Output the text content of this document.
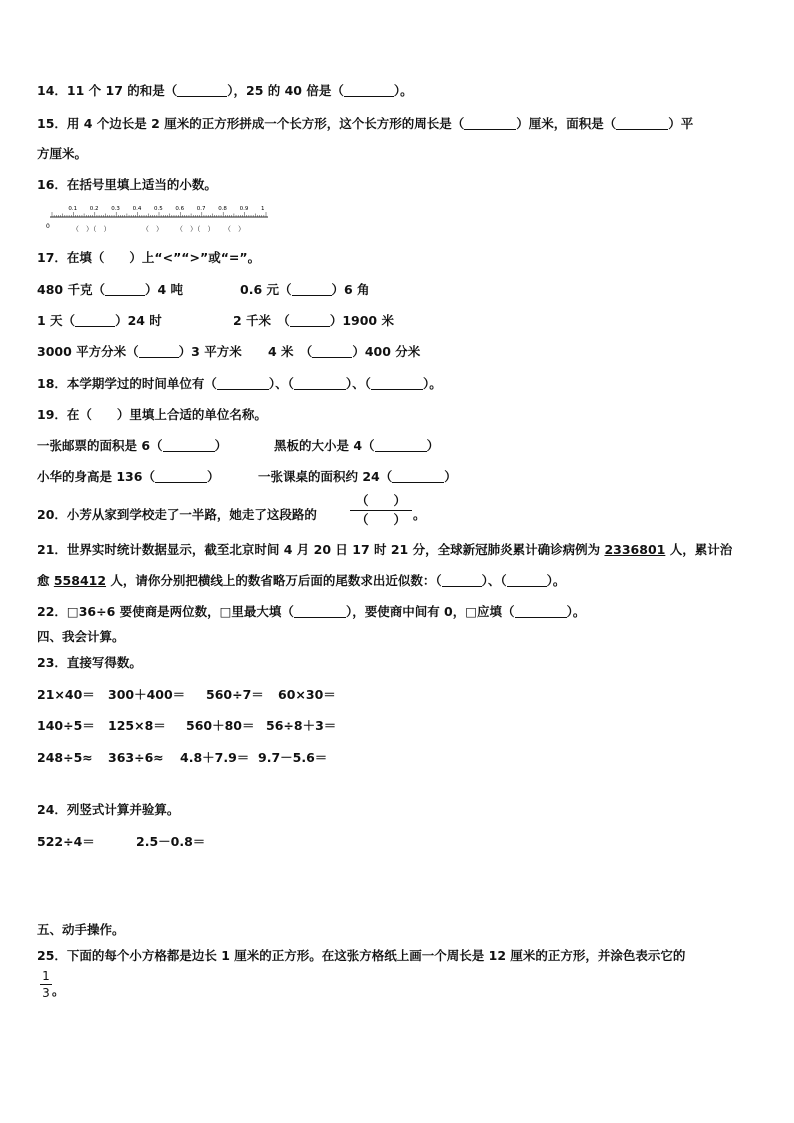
14．11 个 17 的和是（	），25 的 40 倍是（	）。
15．用 4 个边长是 2 厘米的正方形拼成一个长方形，这个长方形的周长是（	）厘米，面积是（	）平
方厘米。
16．在括号里填上适当的小数。
0
0.1 0.2 0.3 0.4 0.5 0.6 0.7 0.8 0.9 1
（　）（　）	（　） （　）（　） （　）
17．在填（　　）上“<”“>”或“=”。
480 千克（	）4 吨	0.6 元（	）6 角
1 天（	）24 时	2 千米　（	）1900 米
3000 平方分米（	）3 平方米 4 米　（	）400 分米
18．本学期学过的时间单位有（	）、（	）、（	）。
19．在（　　）里填上合适的单位名称。
一张邮票的面积是 6（	）	黑板的大小是 4（	）
小华的身高是 136（	）	一张课桌的面积约 24（	）
20．小芳从家到学校走了一半路，她走了这段路的
（　　）
（　　） 。
21．世界实时统计数据显示，截至北京时间 4 月 20 日 17 时 21 分，全球新冠肺炎累计确诊病例为 2336801 人，累计治
愈 558412 人，请你分别把横线上的数省略万后面的尾数求出近似数：（	）、（	）。
22．□36÷6 要使商是两位数，□里最大填（	），要使商中间有 0，□应填（	）。
四、我会计算。
23．直接写得数。
21×40＝ 300＋400＝ 560÷7＝ 60×30＝
140÷5＝ 125×8＝ 560＋80＝ 56÷8＋3＝
248÷5≈ 363÷6≈ 4.8＋7.9＝ 9.7－5.6＝
24．列竖式计算并验算。
522÷4＝	2.5－0.8＝
五、动手操作。
25．下面的每个小方格都是边长 1 厘米的正方形。在这张方格纸上画一个周长是 12 厘米的正方形，并涂色表示它的
1
3 。
